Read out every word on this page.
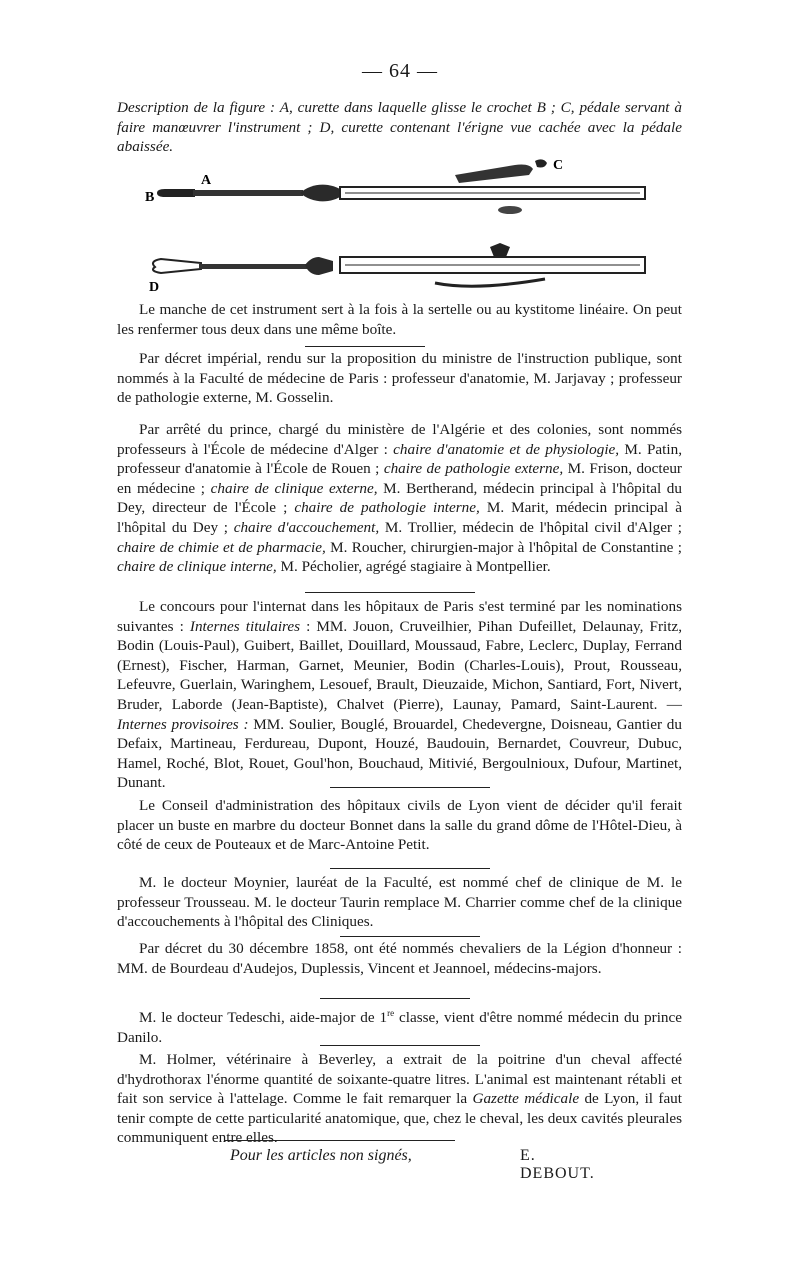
— 64 —

Description de la figure : A, curette dans laquelle glisse le crochet B ; C, pédale servant à faire manœuvrer l'instrument ; D, curette contenant l'érigne vue cachée avec la pédale abaissée.

A
B
C
D

Le manche de cet instrument sert à la fois à la sertelle ou au kystitome linéaire. On peut les renfermer tous deux dans une même boîte.

Par décret impérial, rendu sur la proposition du ministre de l'instruction publique, sont nommés à la Faculté de médecine de Paris : professeur d'anatomie, M. Jarjavay ; professeur de pathologie externe, M. Gosselin.

Par arrêté du prince, chargé du ministère de l'Algérie et des colonies, sont nommés professeurs à l'École de médecine d'Alger : chaire d'anatomie et de physiologie, M. Patin, professeur d'anatomie à l'École de Rouen ; chaire de pathologie externe, M. Frison, docteur en médecine ; chaire de clinique externe, M. Bertherand, médecin principal à l'hôpital du Dey, directeur de l'École ; chaire de pathologie interne, M. Marit, médecin principal à l'hôpital du Dey ; chaire d'accouchement, M. Trollier, médecin de l'hôpital civil d'Alger ; chaire de chimie et de pharmacie, M. Roucher, chirurgien-major à l'hôpital de Constantine ; chaire de clinique interne, M. Pécholier, agrégé stagiaire à Montpellier.

Le concours pour l'internat dans les hôpitaux de Paris s'est terminé par les nominations suivantes : Internes titulaires : MM. Jouon, Cruveilhier, Pihan Dufeillet, Delaunay, Fritz, Bodin (Louis-Paul), Guibert, Baillet, Douillard, Moussaud, Fabre, Leclerc, Duplay, Ferrand (Ernest), Fischer, Harman, Garnet, Meunier, Bodin (Charles-Louis), Prout, Rousseau, Lefeuvre, Guerlain, Waringhem, Lesouef, Brault, Dieuzaide, Michon, Santiard, Fort, Nivert, Bruder, Laborde (Jean-Baptiste), Chalvet (Pierre), Launay, Pamard, Saint-Laurent. — Internes provisoires : MM. Soulier, Bouglé, Brouardel, Chedevergne, Doisneau, Gantier du Defaix, Martineau, Ferdureau, Dupont, Houzé, Baudouin, Bernardet, Couvreur, Dubuc, Hamel, Roché, Blot, Rouet, Goul'hon, Bouchaud, Mitivié, Bergoulnioux, Dufour, Martinet, Dunant.

Le Conseil d'administration des hôpitaux civils de Lyon vient de décider qu'il ferait placer un buste en marbre du docteur Bonnet dans la salle du grand dôme de l'Hôtel-Dieu, à côté de ceux de Pouteaux et de Marc-Antoine Petit.

M. le docteur Moynier, lauréat de la Faculté, est nommé chef de clinique de M. le professeur Trousseau. M. le docteur Taurin remplace M. Charrier comme chef de la clinique d'accouchements à l'hôpital des Cliniques.

Par décret du 30 décembre 1858, ont été nommés chevaliers de la Légion d'honneur : MM. de Bourdeau d'Audejos, Duplessis, Vincent et Jeannoel, médecins-majors.

M. le docteur Tedeschi, aide-major de 1re classe, vient d'être nommé médecin du prince Danilo.

M. Holmer, vétérinaire à Beverley, a extrait de la poitrine d'un cheval affecté d'hydrothorax l'énorme quantité de soixante-quatre litres. L'animal est maintenant rétabli et fait son service à l'attelage. Comme le fait remarquer la Gazette médicale de Lyon, il faut tenir compte de cette particularité anatomique, que, chez le cheval, les deux cavités pleurales communiquent entre elles.

Pour les articles non signés,	E. DEBOUT.
